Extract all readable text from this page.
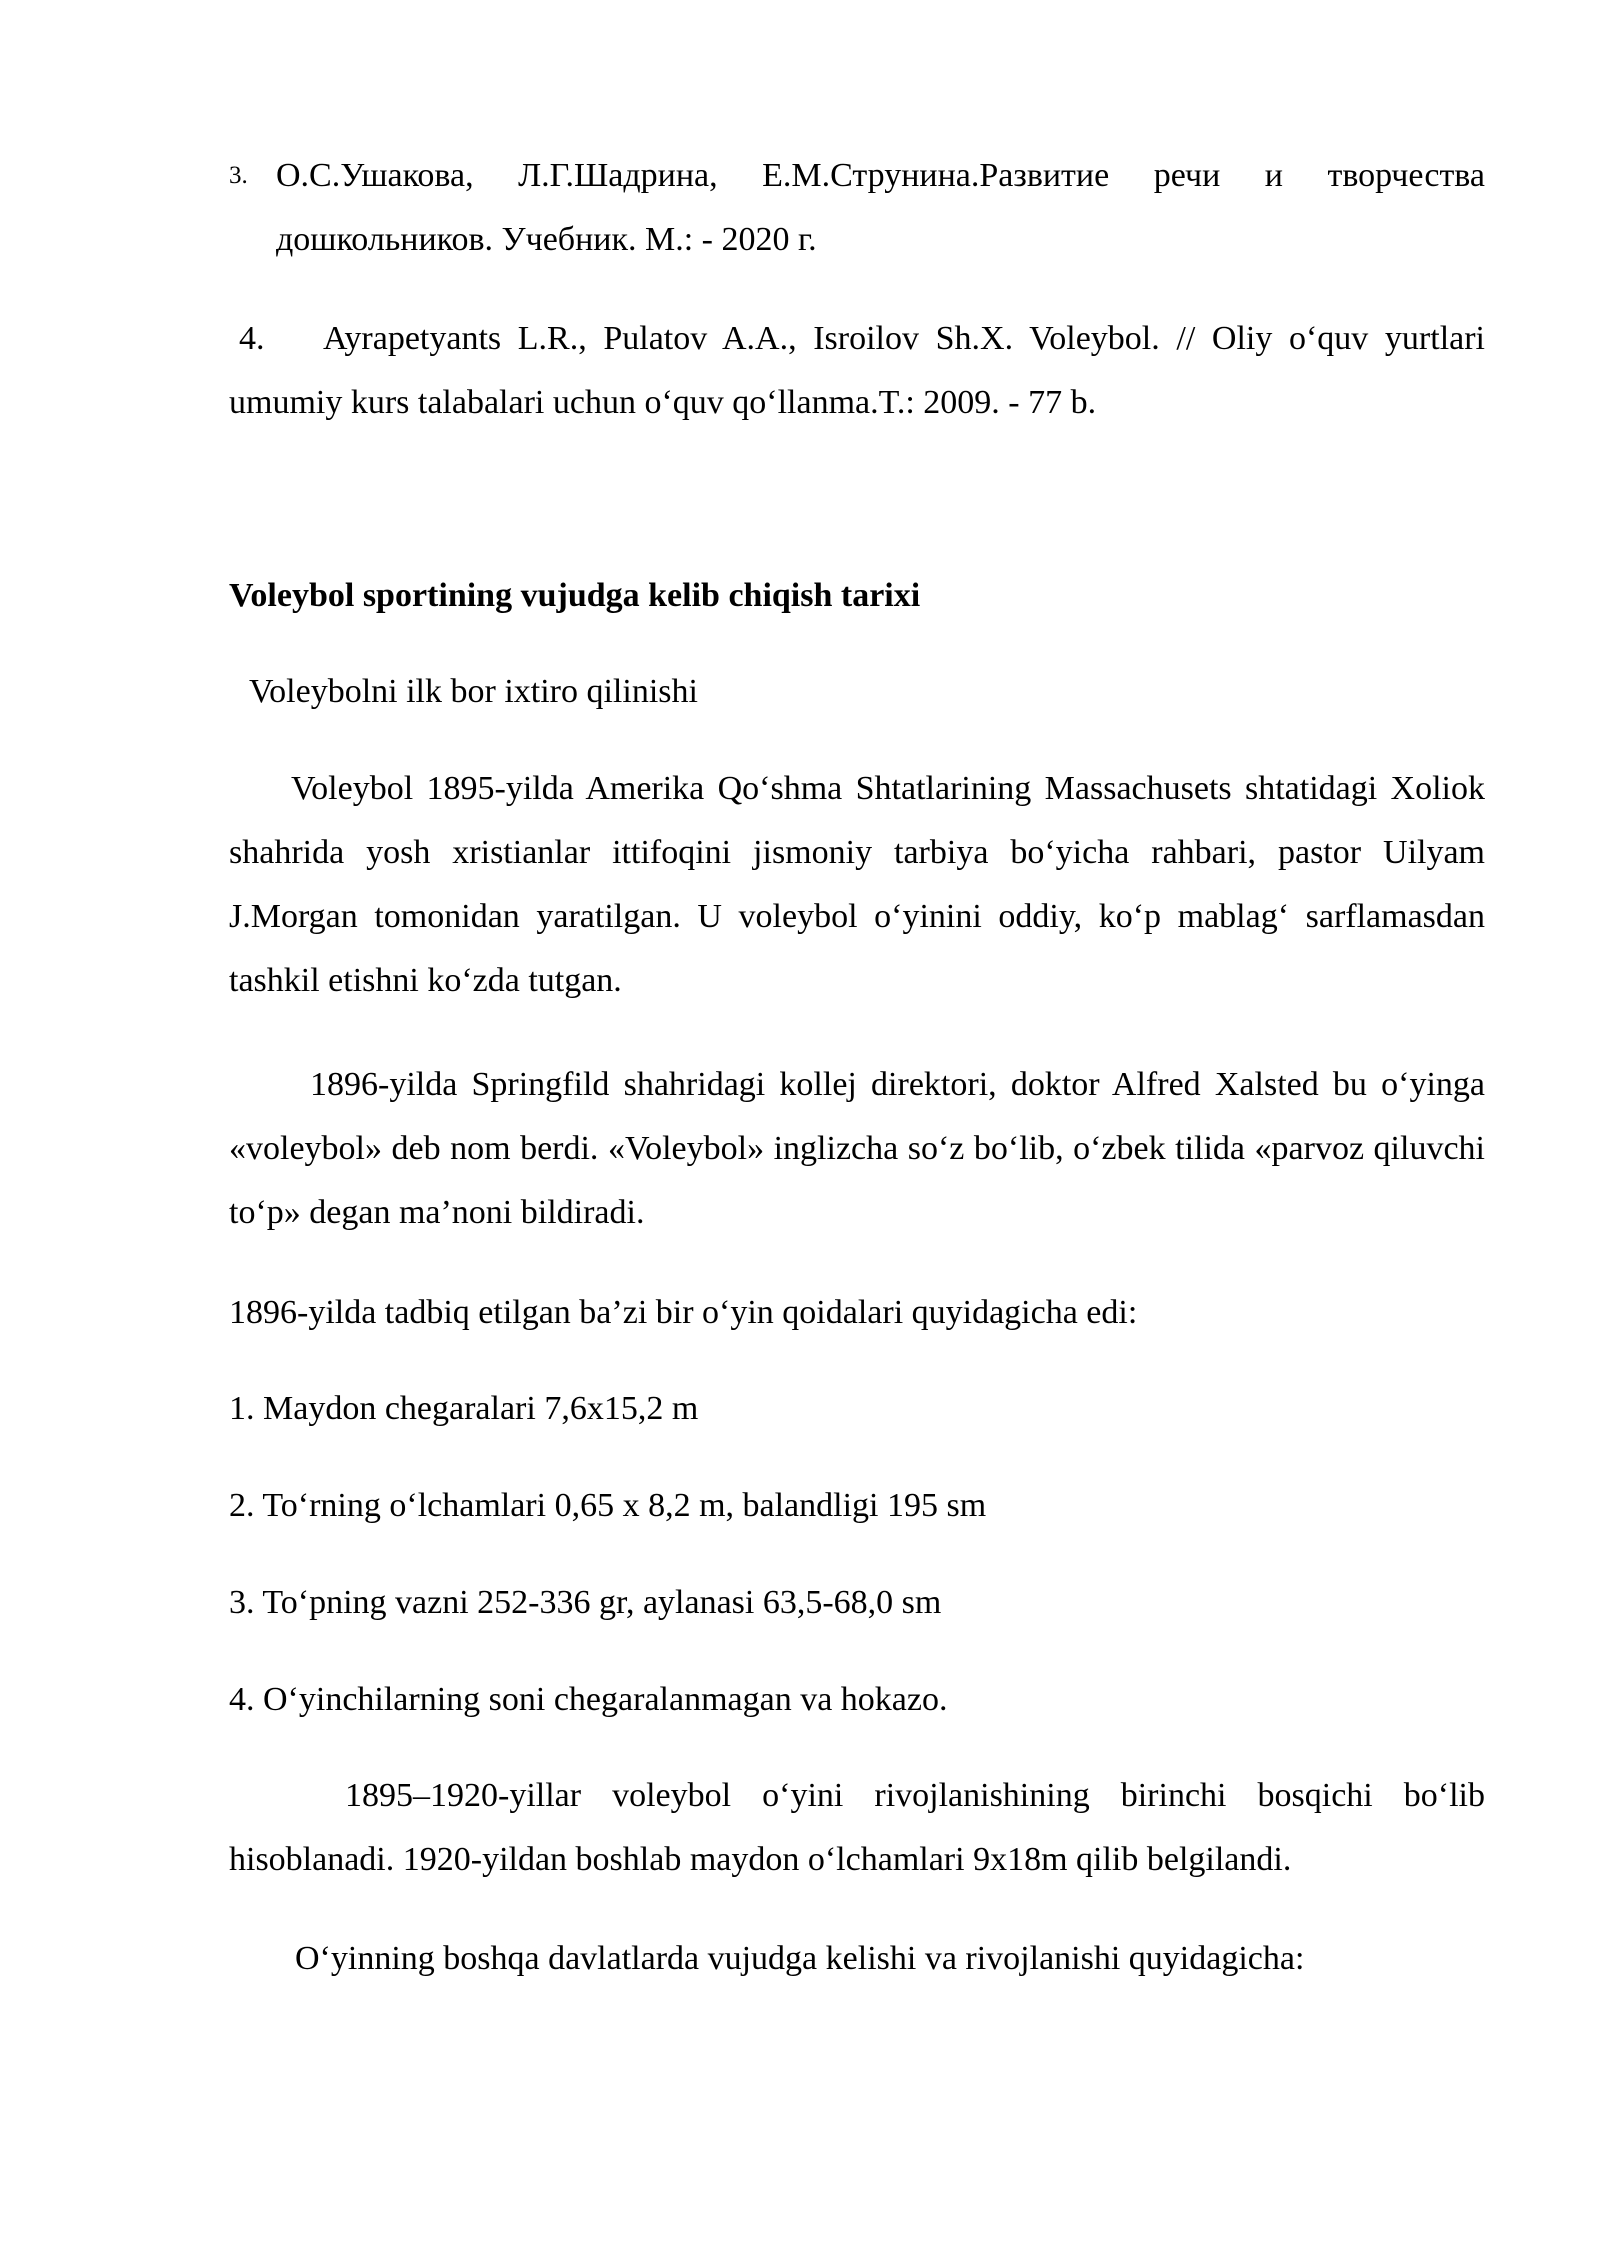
3. О.С.Ушакова, Л.Г.Шадрина, Е.М.Струнина.Развитие речи и творчества дошкольников. Учебник. М.: - 2020 г.

4. Ayrapetyants L.R., Pulatov A.A., Isroilov Sh.X. Voleybol. // Oliy o‘quv yurtlari umumiy kurs talabalari uchun o‘quv qo‘llanma.T.: 2009. - 77 b.

Voleybol sportining vujudga kelib chiqish tarixi

Voleybolni ilk bor ixtiro qilinishi

Voleybol 1895-yilda Amerika Qo‘shma Shtatlarining Massachusets shtatidagi Xoliok shahrida yosh xristianlar ittifoqini jismoniy tarbiya bo‘yicha rahbari, pastor Uilyam J.Morgan tomonidan yaratilgan. U voleybol o‘yinini oddiy, ko‘p mablag‘ sarflamasdan tashkil etishni ko‘zda tutgan.

1896-yilda Springfild shahridagi kollej direktori, doktor Alfred Xalsted bu o‘yinga «voleybol» deb nom berdi. «Voleybol» inglizcha so‘z bo‘lib, o‘zbek tilida «parvoz qiluvchi to‘p» degan ma’noni bildiradi.

1896-yilda tadbiq etilgan ba’zi bir o‘yin qoidalari quyidagicha edi:

1. Maydon chegaralari 7,6x15,2 m

2. To‘rning o‘lchamlari 0,65 x 8,2 m, balandligi 195 sm

3. To‘pning vazni 252-336 gr, aylanasi 63,5-68,0 sm

4. O‘yinchilarning soni chegaralanmagan va hokazo.

1895–1920-yillar voleybol o‘yini rivojlanishining birinchi bosqichi bo‘lib hisoblanadi. 1920-yildan boshlab maydon o‘lchamlari 9x18m qilib belgilandi.

O‘yinning boshqa davlatlarda vujudga kelishi va rivojlanishi quyidagicha:
